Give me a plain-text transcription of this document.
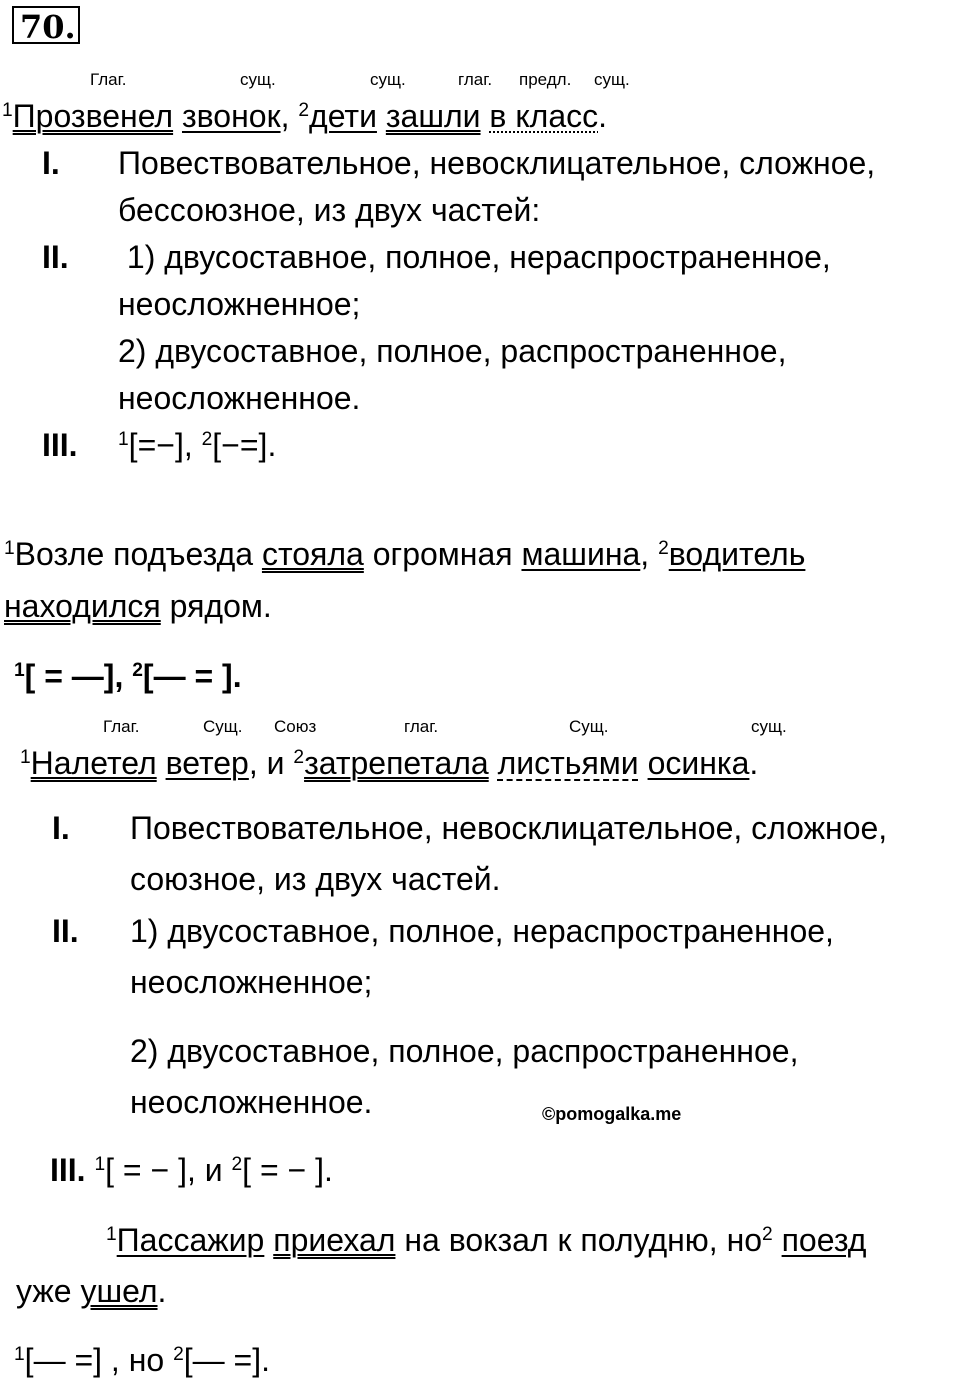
70.
Глаг.	сущ.	сущ.	глаг. предл. сущ.
$^1$Прозвенел звонок, $^2$дети зашли в класс.
I. Повествовательное, невосклицательное, сложное,
бессоюзное, из двух частей:
II. 1) двусоставное, полное, нераспространенное,
неосложненное;
2) двусоставное, полное, распространенное,
неосложненное.
III. $^1$[=−], $^2$[−=].
$^1$Возле подъезда стояла огромная машина, $^2$водитель
находился рядом.
$^1$[ = —], $^2$[— = ].
Глаг.	Сущ. Союз	глаг.	Сущ.	сущ.
$^1$Налетел ветер, и $^2$затрепетала листьями осинка.
I. Повествовательное, невосклицательное, сложное,
союзное, из двух частей.
II. 1) двусоставное, полное, нераспространенное,
неосложненное;
2) двусоставное, полное, распространенное,
неосложненное.	©pomogalka.me
III. $^1$[ = − ], и $^2$[ = − ].
$^1$Пассажир приехал на вокзал к полудню, $но^2$ поезд
уже ушел.
$^1$[— =] , но $^2$[— =].
